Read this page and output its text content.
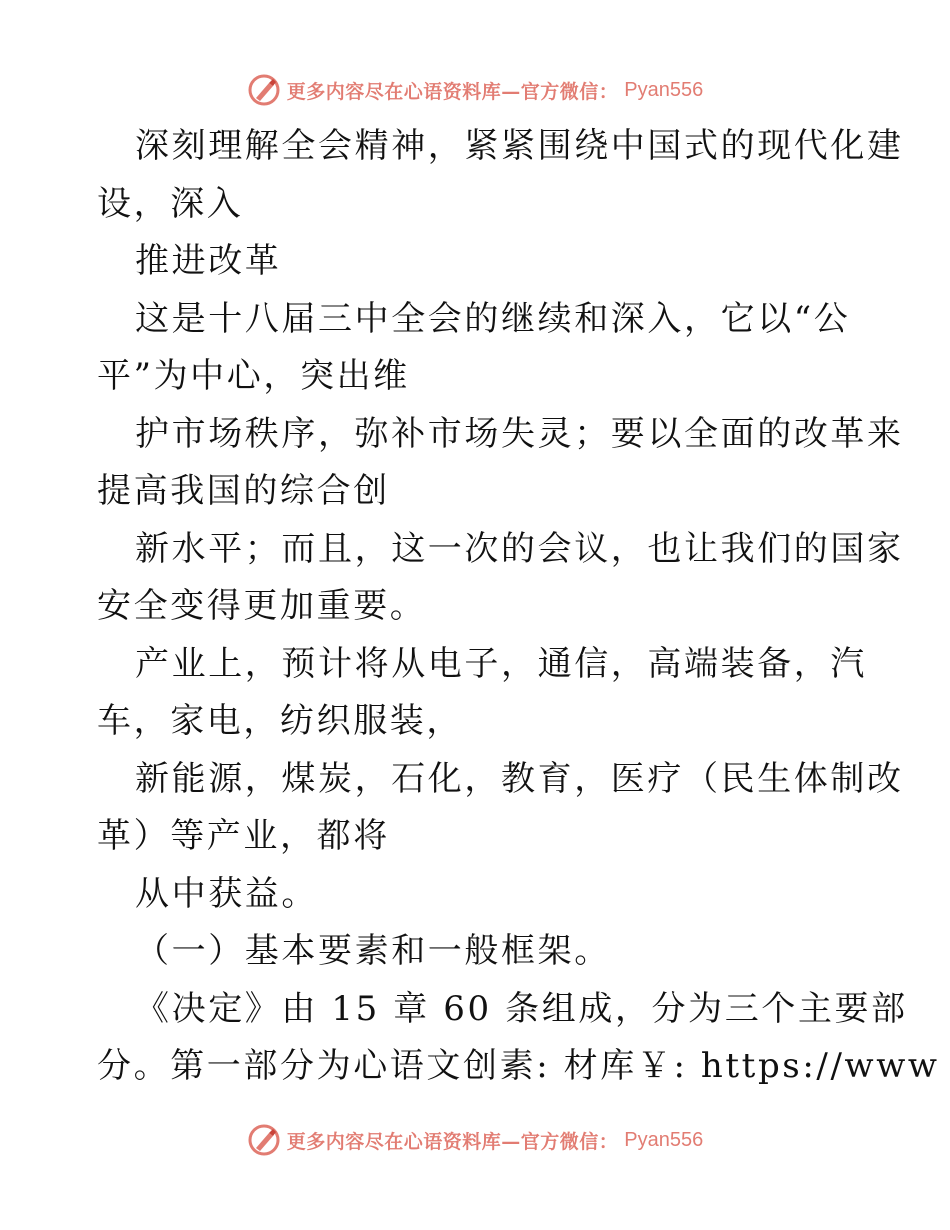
更多内容尽在心语资料库—官方微信： Pyan556
深刻理解全会精神，紧紧围绕中国式的现代化建
设，深入
推进改革
这是十八届三中全会的继续和深入，它以“公
平”为中心，突出维
护市场秩序，弥补市场失灵；要以全面的改革来
提高我国的综合创
新水平；而且，这一次的会议，也让我们的国家
安全变得更加重要。
产业上，预计将从电子，通信，高端装备，汽
车，家电，纺织服装，
新能源，煤炭，石化，教育，医疗（民生体制改
革）等产业，都将
从中获益。
（一）基本要素和一般框架。
《决定》由 15 章 60 条组成，分为三个主要部
分。第一部分为心语文创素: 材库￥: https://www
更多内容尽在心语资料库—官方微信： Pyan556
